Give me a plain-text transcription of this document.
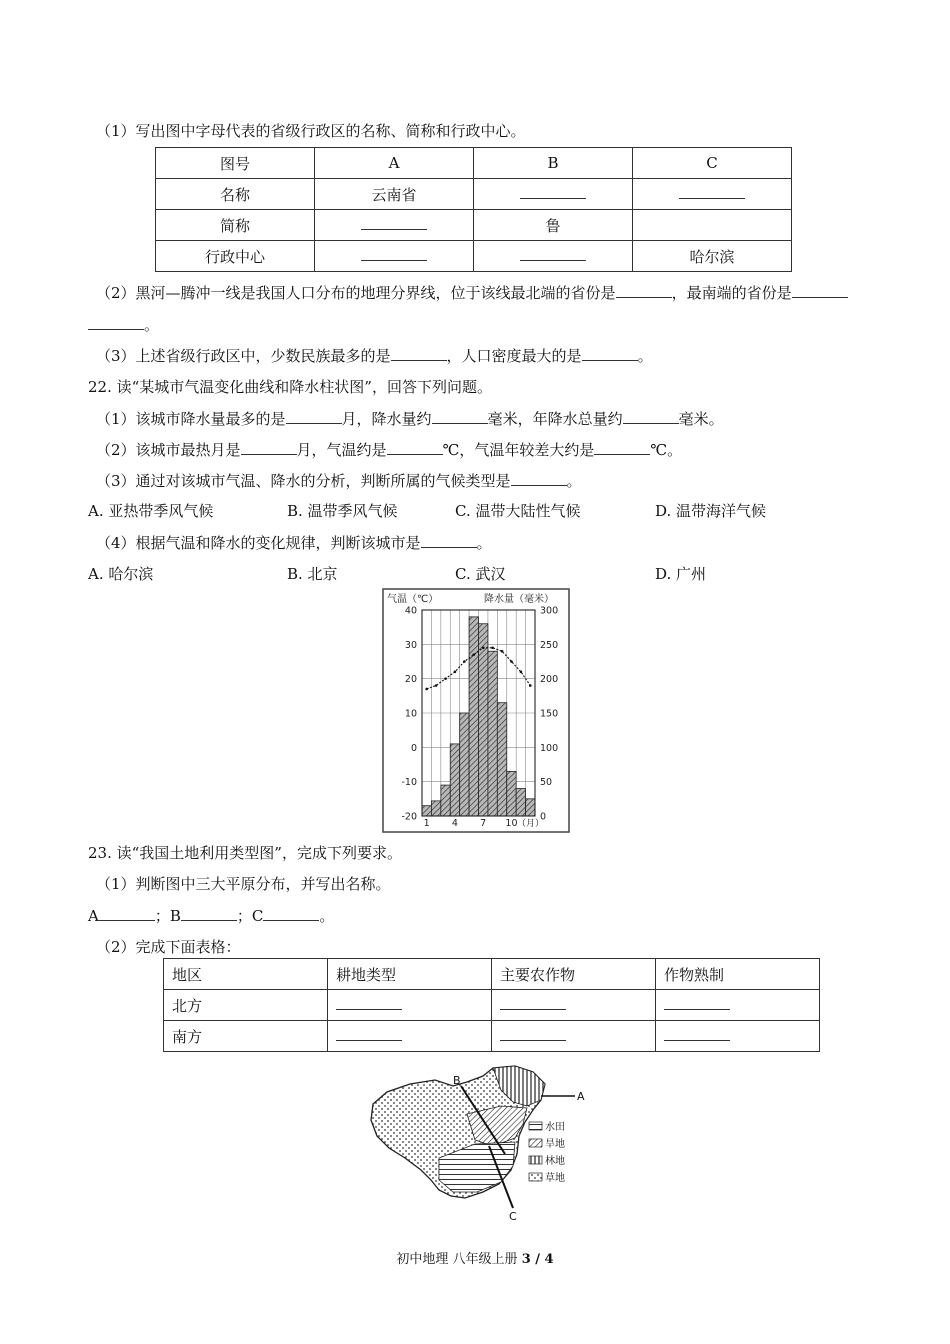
（1）写出图中字母代表的省级行政区的名称、简称和行政中心。
图号	A	B	C
名称	云南省		
简称		鲁	
行政中心			哈尔滨
（2）黑河—腾冲一线是我国人口分布的地理分界线，位于该线最北端的省份是	，最南端的省份是
。
（3）上述省级行政区中，少数民族最多的是	，人口密度最大的是	。
22. 读“某城市气温变化曲线和降水柱状图”，回答下列问题。
（1）该城市降水量最多的是	月，降水量约	毫米，年降水总量约	毫米。
（2）该城市最热月是	月，气温约是	℃，气温年较差大约是	℃。
（3）通过对该城市气温、降水的分析，判断所属的气候类型是	。
A. 亚热带季风气候	B. 温带季风气候	C. 温带大陆性气候	D. 温带海洋气候
（4）根据气温和降水的变化规律，判断该城市是	。
A. 哈尔滨	B. 北京	C. 武汉	D. 广州
气温（℃）	降水量（毫米）
40
30
20
10
0
-10
-20
300
250
200
150
100
50
0
1 4 7 10 （月）
23. 读“我国土地利用类型图”，完成下列要求。
（1）判断图中三大平原分布，并写出名称。
A	；B	；C	。
（2）完成下面表格：
地区	耕地类型	主要农作物	作物熟制
北方			
南方			
A
B
C
水田
旱地
林地
草地
初中地理 八年级上册 3 / 4
